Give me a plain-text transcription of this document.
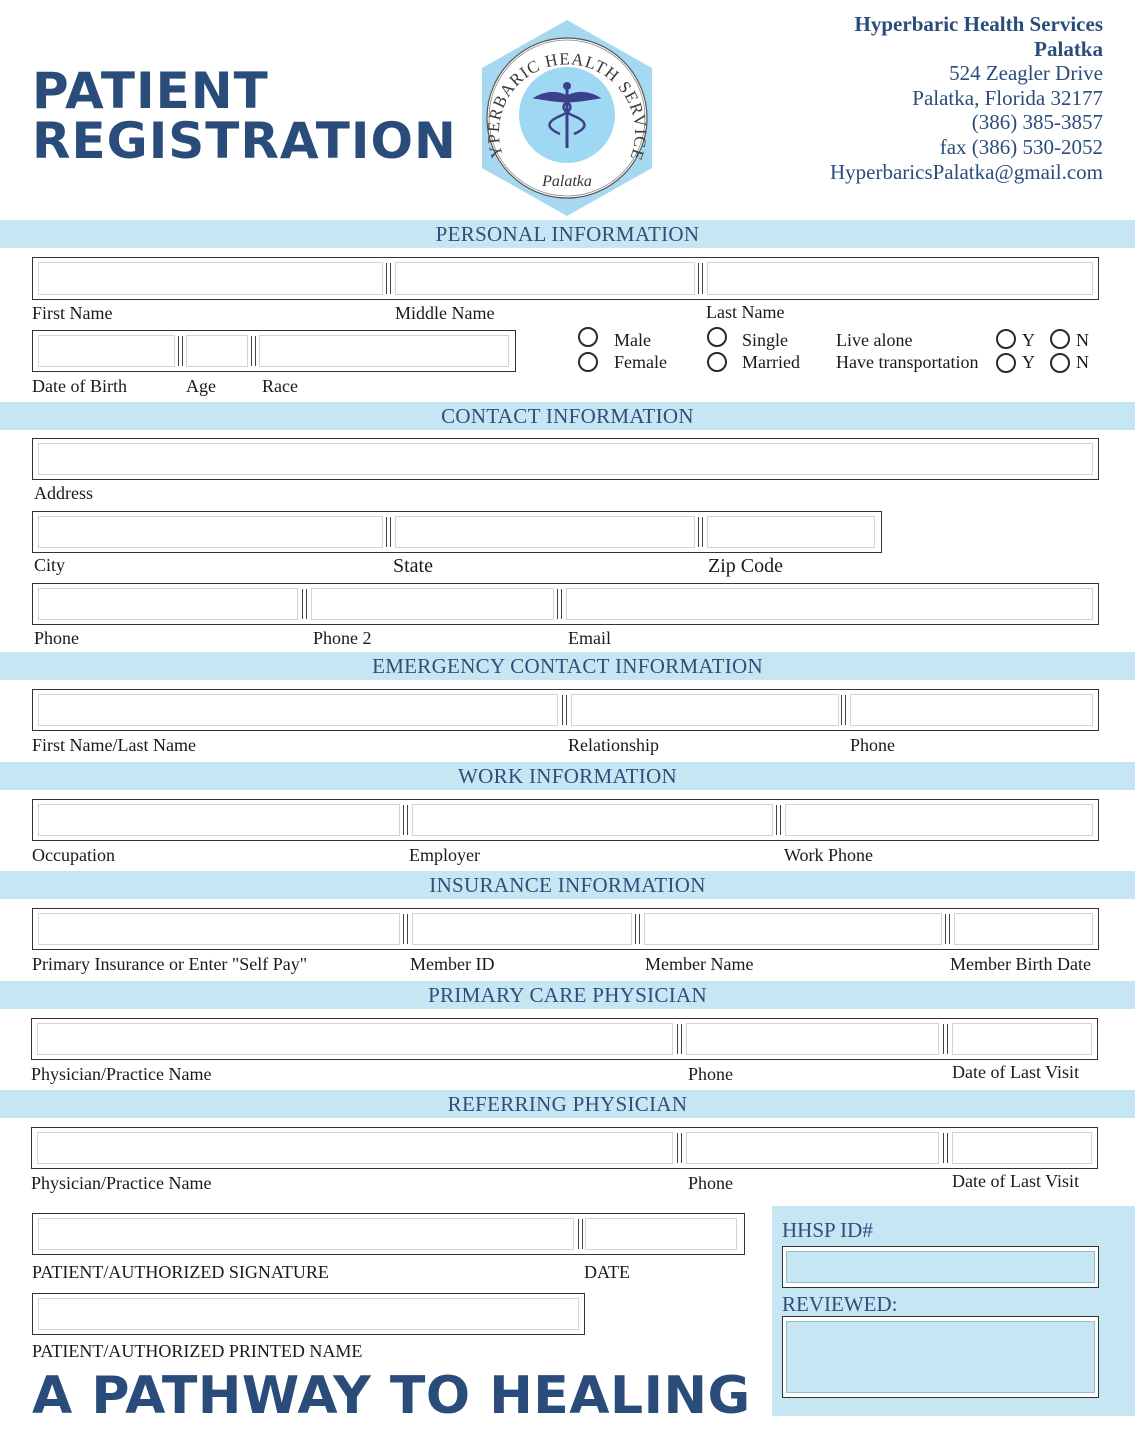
PATIENT
REGISTRATION	YPERBARIC HEALTH SERVICE
Palatka
Hyperbaric Health Services
Palatka
524 Zeagler Drive
Palatka, Florida 32177
(386) 385-3857
fax (386) 530-2052
HyperbaricsPalatka@gmail.com
PERSONAL INFORMATION
First Name	Middle Name	Last Name
Date of Birth	Age	Race
Male
Female
Single
Married
Live alone
Have transportation
Y N
Y N
CONTACT INFORMATION
Address
City	State	Zip Code
Phone	Phone 2	Email
EMERGENCY CONTACT INFORMATION
First Name/Last Name	Relationship	Phone
WORK INFORMATION
Occupation	Employer	Work Phone
INSURANCE INFORMATION
Primary Insurance or Enter "Self Pay"	Member ID	Member Name	Member Birth Date
PRIMARY CARE PHYSICIAN
Physician/Practice Name	Phone	Date of Last Visit
REFERRING PHYSICIAN
Physician/Practice Name	Phone	Date of Last Visit
PATIENT/AUTHORIZED SIGNATURE	DATE
PATIENT/AUTHORIZED PRINTED NAME
HHSP ID#
REVIEWED:
A PATHWAY TO HEALING
